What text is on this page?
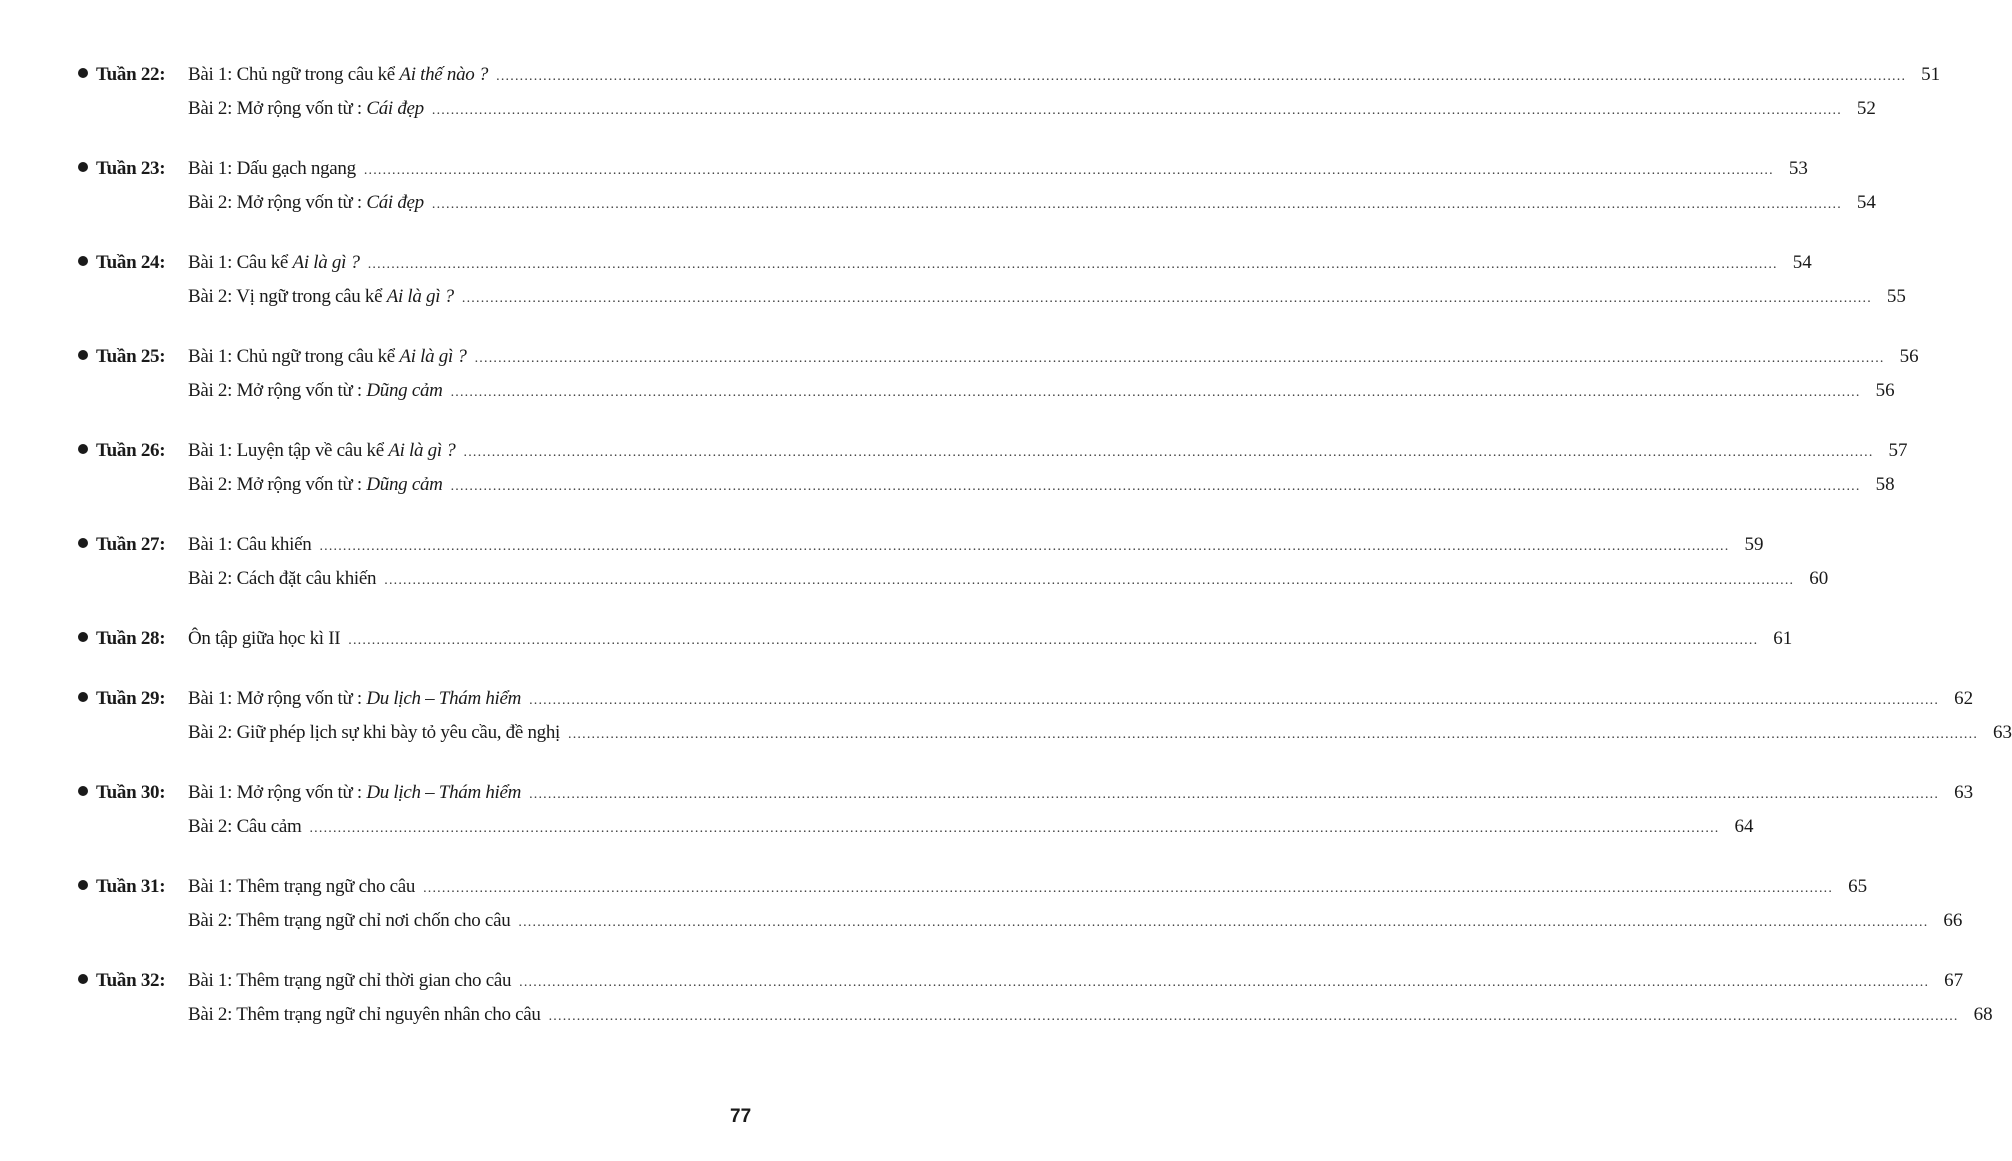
Tuần 22:	Bài 1: Chủ ngữ trong câu kể Ai thế nào ? ............................................................................................................................................................................................................................................................................................................ 51
Bài 2: Mở rộng vốn từ : Cái đẹp ............................................................................................................................................................................................................................................................................................................ 52
Tuần 23:	Bài 1: Dấu gạch ngang ............................................................................................................................................................................................................................................................................................................ 53
Bài 2: Mở rộng vốn từ : Cái đẹp ............................................................................................................................................................................................................................................................................................................ 54
Tuần 24:	Bài 1: Câu kể Ai là gì ? ............................................................................................................................................................................................................................................................................................................ 54
Bài 2: Vị ngữ trong câu kể Ai là gì ? ............................................................................................................................................................................................................................................................................................................ 55
Tuần 25:	Bài 1: Chủ ngữ trong câu kể Ai là gì ? ............................................................................................................................................................................................................................................................................................................ 56
Bài 2: Mở rộng vốn từ : Dũng cảm ............................................................................................................................................................................................................................................................................................................ 56
Tuần 26:	Bài 1: Luyện tập về câu kể Ai là gì ? ............................................................................................................................................................................................................................................................................................................ 57
Bài 2: Mở rộng vốn từ : Dũng cảm ............................................................................................................................................................................................................................................................................................................ 58
Tuần 27:	Bài 1: Câu khiến ............................................................................................................................................................................................................................................................................................................ 59
Bài 2: Cách đặt câu khiến ............................................................................................................................................................................................................................................................................................................ 60
Tuần 28:	Ôn tập giữa học kì II ............................................................................................................................................................................................................................................................................................................ 61
Tuần 29:	Bài 1: Mở rộng vốn từ : Du lịch – Thám hiểm ............................................................................................................................................................................................................................................................................................................ 62
Bài 2: Giữ phép lịch sự khi bày tỏ yêu cầu, đề nghị ............................................................................................................................................................................................................................................................................................................ 63
Tuần 30:	Bài 1: Mở rộng vốn từ : Du lịch – Thám hiểm ............................................................................................................................................................................................................................................................................................................ 63
Bài 2: Câu cảm ............................................................................................................................................................................................................................................................................................................ 64
Tuần 31:	Bài 1: Thêm trạng ngữ cho câu ............................................................................................................................................................................................................................................................................................................ 65
Bài 2: Thêm trạng ngữ chỉ nơi chốn cho câu ............................................................................................................................................................................................................................................................................................................ 66
Tuần 32:	Bài 1: Thêm trạng ngữ chỉ thời gian cho câu ............................................................................................................................................................................................................................................................................................................ 67
Bài 2: Thêm trạng ngữ chỉ nguyên nhân cho câu ............................................................................................................................................................................................................................................................................................................ 68
77
